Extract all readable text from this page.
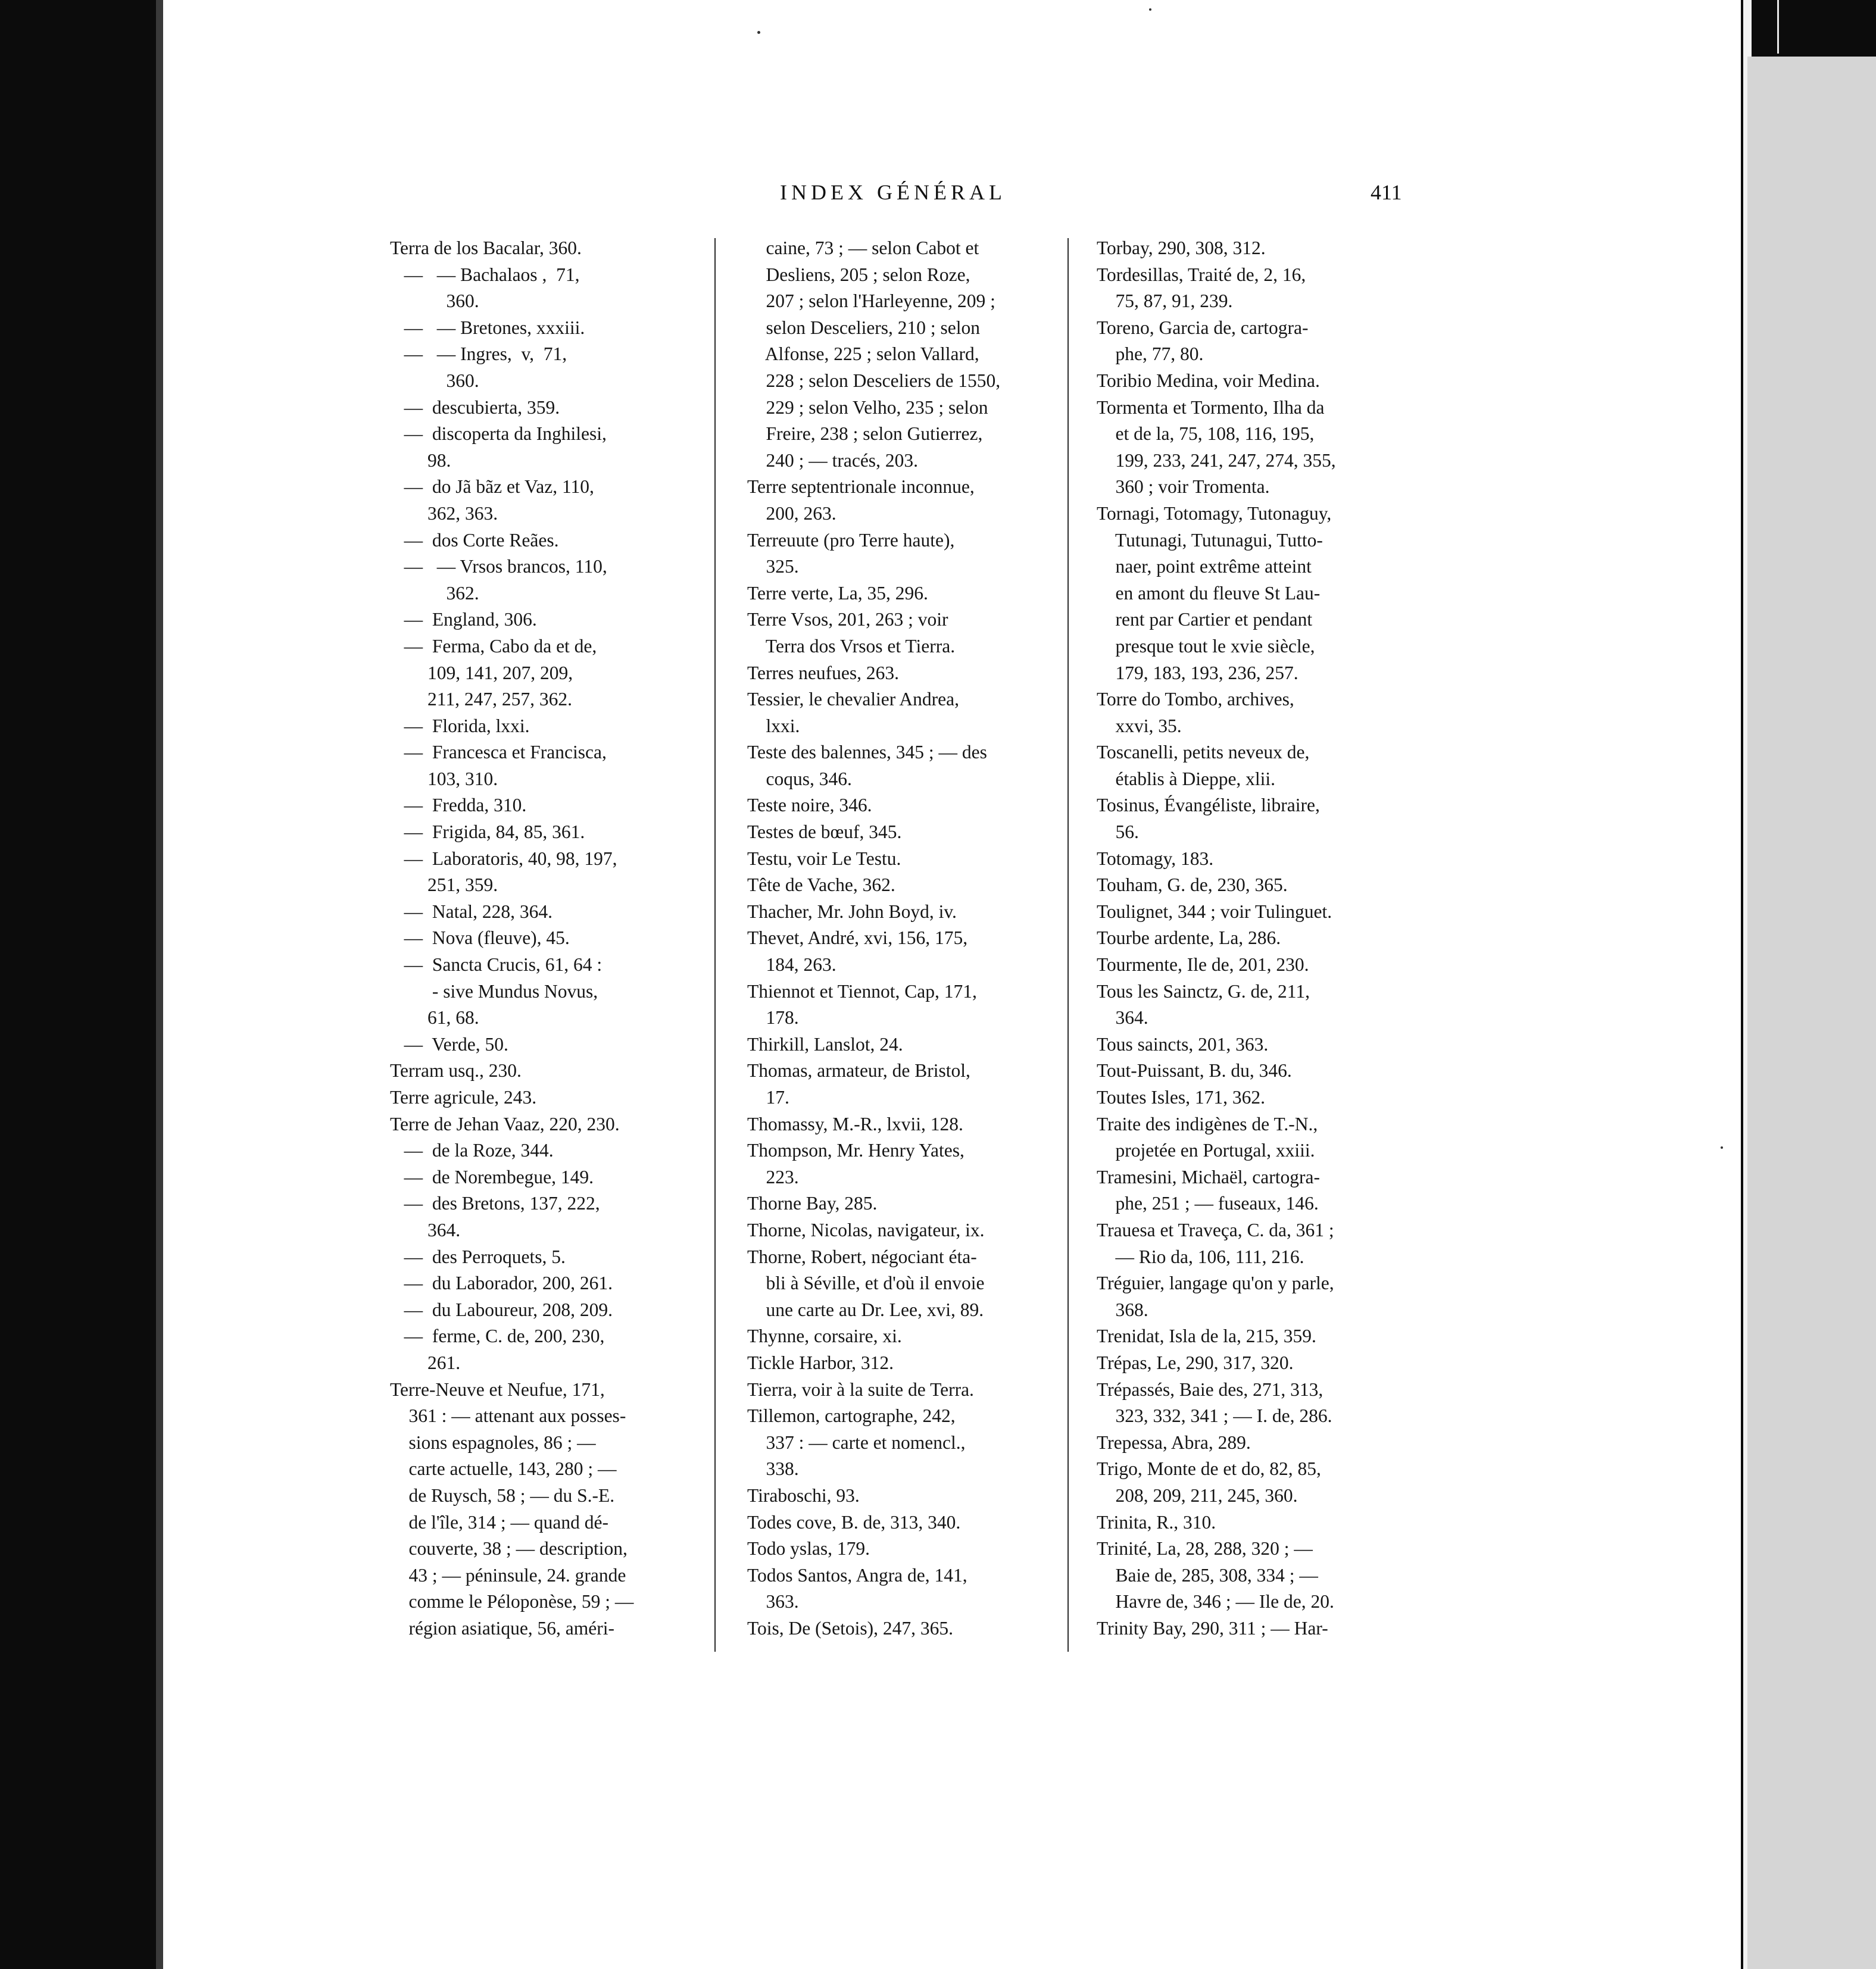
INDEX GÉNÉRAL	411
Terra de los Bacalar, 360.
—   — Bachalaos ,  71,
360.
—   — Bretones, xxxiii.
—   — Ingres,  v,  71,
360.
—  descubierta, 359.
—  discoperta da Inghilesi,
98.
—  do Jã bãz et Vaz, 110,
362, 363.
—  dos Corte Reães.
—   — Vrsos brancos, 110,
362.
—  England, 306.
—  Ferma, Cabo da et de,
109, 141, 207, 209,
211, 247, 257, 362.
—  Florida, lxxi.
—  Francesca et Francisca,
103, 310.
—  Fredda, 310.
—  Frigida, 84, 85, 361.
—  Laboratoris, 40, 98, 197,
251, 359.
—  Natal, 228, 364.
—  Nova (fleuve), 45.
—  Sancta Crucis, 61, 64 :
- sive Mundus Novus,
61, 68.
—  Verde, 50.
Terram usq., 230.
Terre agricule, 243.
Terre de Jehan Vaaz, 220, 230.
—  de la Roze, 344.
—  de Norembegue, 149.
—  des Bretons, 137, 222,
364.
—  des Perroquets, 5.
—  du Laborador, 200, 261.
—  du Laboureur, 208, 209.
—  ferme, C. de, 200, 230,
261.
Terre-Neuve et Neufue, 171,
361 : — attenant aux posses-
sions espagnoles, 86 ; —
carte actuelle, 143, 280 ; —
de Ruysch, 58 ; — du S.-E.
de l'île, 314 ; — quand dé-
couverte, 38 ; — description,
43 ; — péninsule, 24. grande
comme le Péloponèse, 59 ; —
région asiatique, 56, améri-
caine, 73 ; — selon Cabot et
Desliens, 205 ; selon Roze,
207 ; selon l'Harleyenne, 209 ;
selon Desceliers, 210 ; selon
Alfonse, 225 ; selon Vallard,
228 ; selon Desceliers de 1550,
229 ; selon Velho, 235 ; selon
Freire, 238 ; selon Gutierrez,
240 ; — tracés, 203.
Terre septentrionale inconnue,
200, 263.
Terreuute (pro Terre haute),
325.
Terre verte, La, 35, 296.
Terre Vsos, 201, 263 ; voir
Terra dos Vrsos et Tierra.
Terres neufues, 263.
Tessier, le chevalier Andrea,
lxxi.
Teste des balennes, 345 ; — des
coqus, 346.
Teste noire, 346.
Testes de bœuf, 345.
Testu, voir Le Testu.
Tête de Vache, 362.
Thacher, Mr. John Boyd, iv.
Thevet, André, xvi, 156, 175,
184, 263.
Thiennot et Tiennot, Cap, 171,
178.
Thirkill, Lanslot, 24.
Thomas, armateur, de Bristol,
17.
Thomassy, M.-R., lxvii, 128.
Thompson, Mr. Henry Yates,
223.
Thorne Bay, 285.
Thorne, Nicolas, navigateur, ix.
Thorne, Robert, négociant éta-
bli à Séville, et d'où il envoie
une carte au Dr. Lee, xvi, 89.
Thynne, corsaire, xi.
Tickle Harbor, 312.
Tierra, voir à la suite de Terra.
Tillemon, cartographe, 242,
337 : — carte et nomencl.,
338.
Tiraboschi, 93.
Todes cove, B. de, 313, 340.
Todo yslas, 179.
Todos Santos, Angra de, 141,
363.
Tois, De (Setois), 247, 365.
Torbay, 290, 308, 312.
Tordesillas, Traité de, 2, 16,
75, 87, 91, 239.
Toreno, Garcia de, cartogra-
phe, 77, 80.
Toribio Medina, voir Medina.
Tormenta et Tormento, Ilha da
et de la, 75, 108, 116, 195,
199, 233, 241, 247, 274, 355,
360 ; voir Tromenta.
Tornagi, Totomagy, Tutonaguy,
Tutunagi, Tutunagui, Tutto-
naer, point extrême atteint
en amont du fleuve St Lau-
rent par Cartier et pendant
presque tout le xvie siècle,
179, 183, 193, 236, 257.
Torre do Tombo, archives,
xxvi, 35.
Toscanelli, petits neveux de,
établis à Dieppe, xlii.
Tosinus, Évangéliste, libraire,
56.
Totomagy, 183.
Touham, G. de, 230, 365.
Toulignet, 344 ; voir Tulinguet.
Tourbe ardente, La, 286.
Tourmente, Ile de, 201, 230.
Tous les Sainctz, G. de, 211,
364.
Tous saincts, 201, 363.
Tout-Puissant, B. du, 346.
Toutes Isles, 171, 362.
Traite des indigènes de T.-N.,
projetée en Portugal, xxiii.
Tramesini, Michaël, cartogra-
phe, 251 ; — fuseaux, 146.
Trauesa et Traveça, C. da, 361 ;
— Rio da, 106, 111, 216.
Tréguier, langage qu'on y parle,
368.
Trenidat, Isla de la, 215, 359.
Trépas, Le, 290, 317, 320.
Trépassés, Baie des, 271, 313,
323, 332, 341 ; — I. de, 286.
Trepessa, Abra, 289.
Trigo, Monte de et do, 82, 85,
208, 209, 211, 245, 360.
Trinita, R., 310.
Trinité, La, 28, 288, 320 ; —
Baie de, 285, 308, 334 ; —
Havre de, 346 ; — Ile de, 20.
Trinity Bay, 290, 311 ; — Har-
